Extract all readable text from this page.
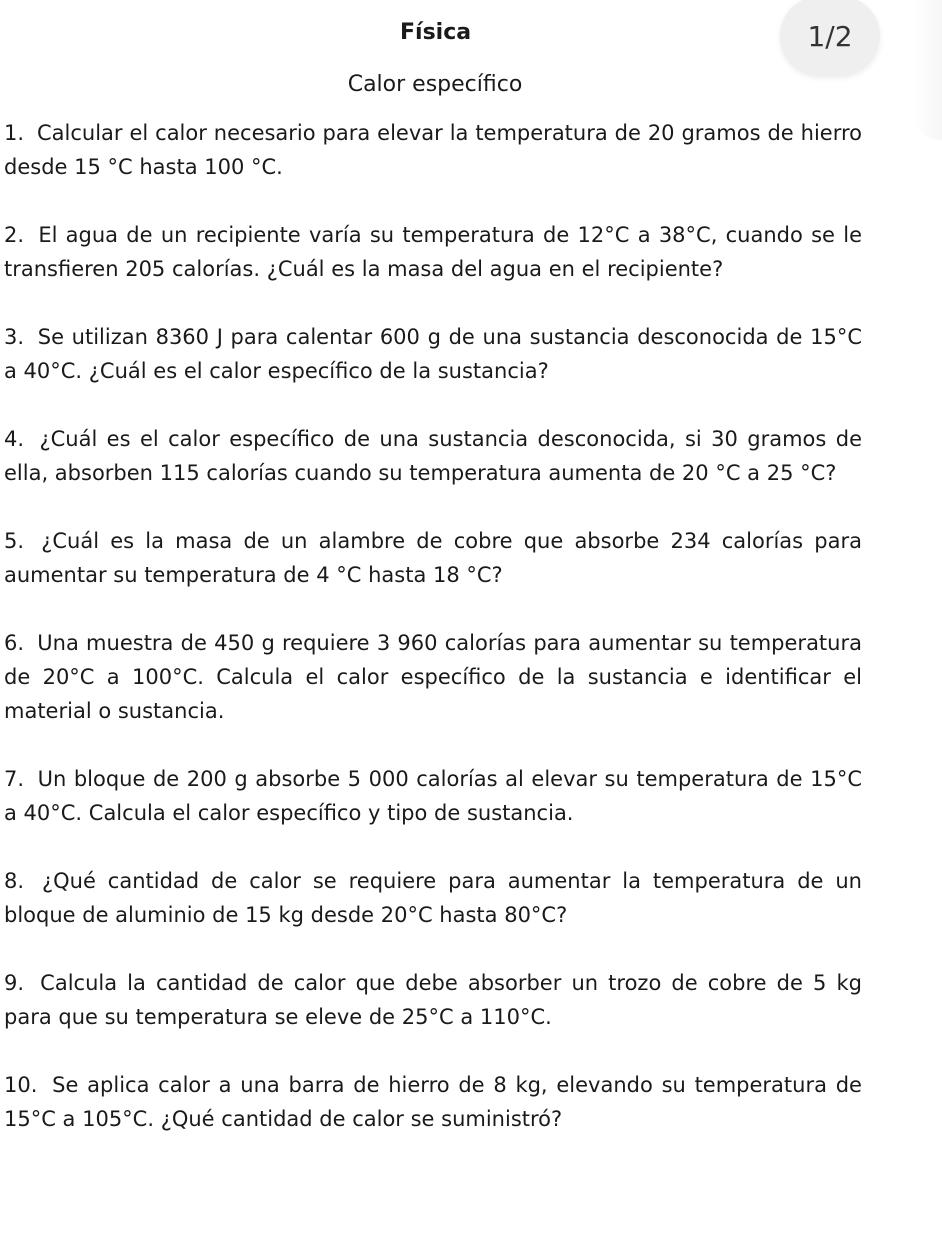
Física	1/2
Calor específico
1. Calcular el calor necesario para elevar la temperatura de 20 gramos de hierro desde 15 °C hasta 100 °C.
2. El agua de un recipiente varía su temperatura de 12°C a 38°C, cuando se le transfieren 205 calorías. ¿Cuál es la masa del agua en el recipiente?
3. Se utilizan 8360 J para calentar 600 g de una sustancia desconocida de 15°C a 40°C. ¿Cuál es el calor específico de la sustancia?
4. ¿Cuál es el calor específico de una sustancia desconocida, si 30 gramos de ella, absorben 115 calorías cuando su temperatura aumenta de 20 °C a 25 °C?
5. ¿Cuál es la masa de un alambre de cobre que absorbe 234 calorías para aumentar su temperatura de 4 °C hasta 18 °C?
6. Una muestra de 450 g requiere 3 960 calorías para aumentar su temperatura de 20°C a 100°C. Calcula el calor específico de la sustancia e identificar el material o sustancia.
7. Un bloque de 200 g absorbe 5 000 calorías al elevar su temperatura de 15°C a 40°C. Calcula el calor específico y tipo de sustancia.
8. ¿Qué cantidad de calor se requiere para aumentar la temperatura de un bloque de aluminio de 15 kg desde 20°C hasta 80°C?
9. Calcula la cantidad de calor que debe absorber un trozo de cobre de 5 kg para que su temperatura se eleve de 25°C a 110°C.
10. Se aplica calor a una barra de hierro de 8 kg, elevando su temperatura de 15°C a 105°C. ¿Qué cantidad de calor se suministró?
